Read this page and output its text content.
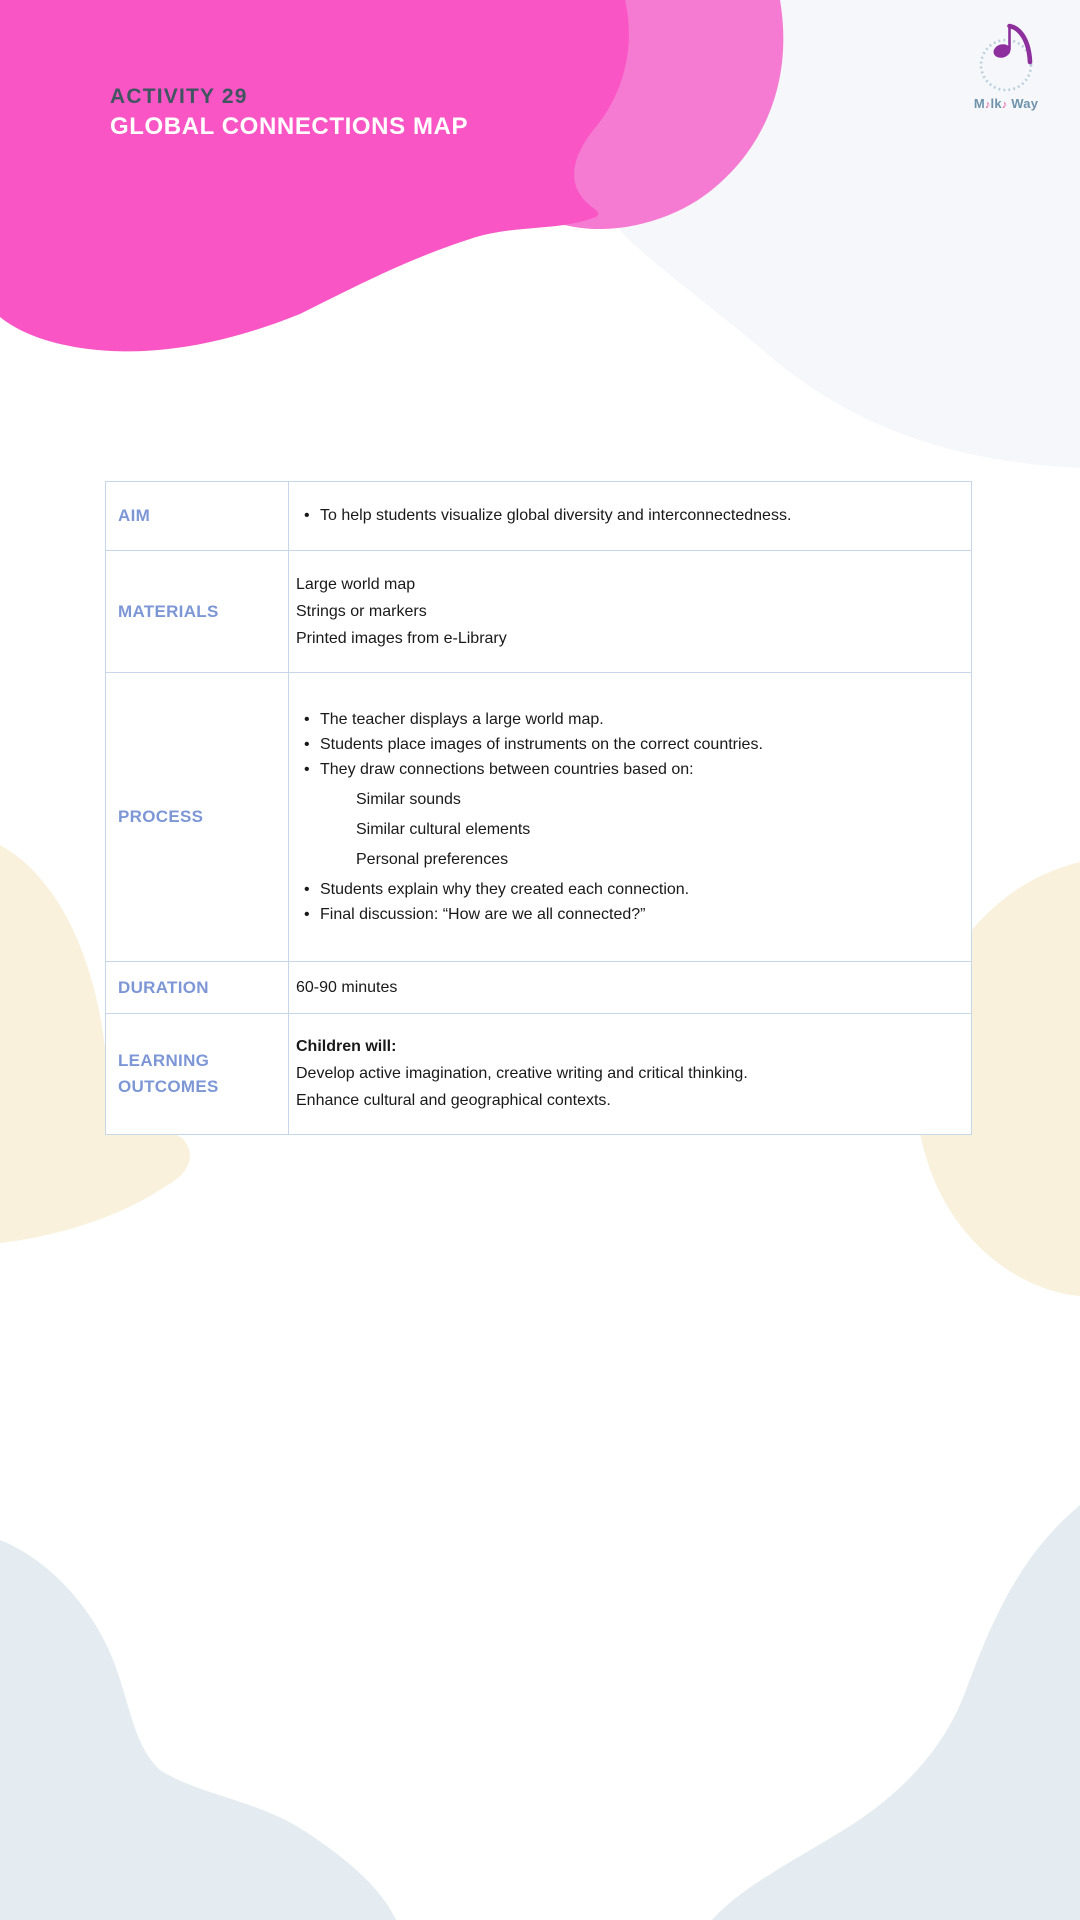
ACTIVITY 29
GLOBAL CONNECTIONS MAP
M♪lk♪ Way
AIM	• To help students visualize global diversity and interconnectedness.
MATERIALS
Large world map
Strings or markers
Printed images from e-Library
PROCESS
• The teacher displays a large world map.
• Students place images of instruments on the correct countries.
• They draw connections between countries based on:
Similar sounds
Similar cultural elements
Personal preferences
• Students explain why they created each connection.
• Final discussion: “How are we all connected?”
DURATION	60-90 minutes
LEARNING OUTCOMES
Children will:
Develop active imagination, creative writing and critical thinking.
Enhance cultural and geographical contexts.
